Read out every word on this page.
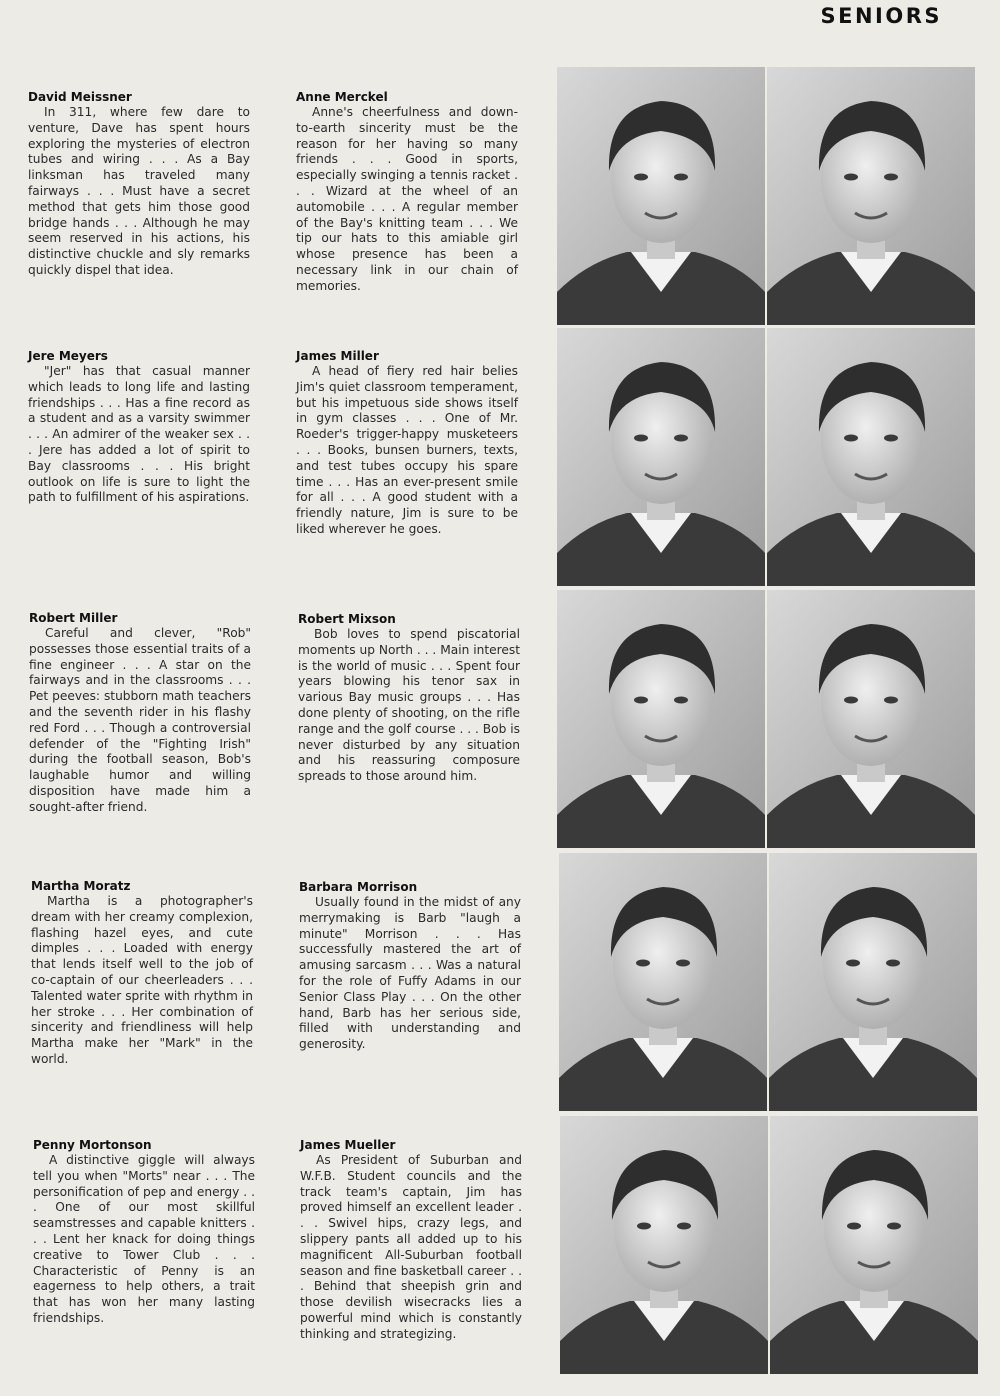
SENIORS

David Meissner

In 311, where few dare to venture, Dave has spent hours exploring the mysteries of electron tubes and wiring . . . As a Bay linksman has traveled many fairways . . . Must have a secret method that gets him those good bridge hands . . . Although he may seem reserved in his actions, his distinctive chuckle and sly remarks quickly dispel that idea.

Anne Merckel

Anne's cheerfulness and down-to-earth sincerity must be the reason for her having so many friends . . . Good in sports, especially swinging a tennis racket . . . Wizard at the wheel of an automobile . . . A regular member of the Bay's knitting team . . . We tip our hats to this amiable girl whose presence has been a necessary link in our chain of memories.

Jere Meyers

"Jer" has that casual manner which leads to long life and lasting friendships . . . Has a fine record as a student and as a varsity swimmer . . . An admirer of the weaker sex . . . Jere has added a lot of spirit to Bay classrooms . . . His bright outlook on life is sure to light the path to fulfillment of his aspirations.

James Miller

A head of fiery red hair belies Jim's quiet classroom temperament, but his impetuous side shows itself in gym classes . . . One of Mr. Roeder's trigger-happy musketeers . . . Books, bunsen burners, texts, and test tubes occupy his spare time . . . Has an ever-present smile for all . . . A good student with a friendly nature, Jim is sure to be liked wherever he goes.

Robert Miller

Careful and clever, "Rob" possesses those essential traits of a fine engineer . . . A star on the fairways and in the classrooms . . . Pet peeves: stubborn math teachers and the seventh rider in his flashy red Ford . . . Though a controversial defender of the "Fighting Irish" during the football season, Bob's laughable humor and willing disposition have made him a sought-after friend.

Robert Mixson

Bob loves to spend piscatorial moments up North . . . Main interest is the world of music . . . Spent four years blowing his tenor sax in various Bay music groups . . . Has done plenty of shooting, on the rifle range and the golf course . . . Bob is never disturbed by any situation and his reassuring composure spreads to those around him.

Martha Moratz

Martha is a photographer's dream with her creamy complexion, flashing hazel eyes, and cute dimples . . . Loaded with energy that lends itself well to the job of co-captain of our cheerleaders . . . Talented water sprite with rhythm in her stroke . . . Her combination of sincerity and friendliness will help Martha make her "Mark" in the world.

Barbara Morrison

Usually found in the midst of any merrymaking is Barb "laugh a minute" Morrison . . . Has successfully mastered the art of amusing sarcasm . . . Was a natural for the role of Fuffy Adams in our Senior Class Play . . . On the other hand, Barb has her serious side, filled with understanding and generosity.

Penny Mortonson

A distinctive giggle will always tell you when "Morts" near . . . The personification of pep and energy . . . One of our most skillful seamstresses and capable knitters . . . Lent her knack for doing things creative to Tower Club . . . Characteristic of Penny is an eagerness to help others, a trait that has won her many lasting friendships.

James Mueller

As President of Suburban and W.F.B. Student councils and the track team's captain, Jim has proved himself an excellent leader . . . Swivel hips, crazy legs, and slippery pants all added up to his magnificent All-Suburban football season and fine basketball career . . . Behind that sheepish grin and those devilish wisecracks lies a powerful mind which is constantly thinking and strategizing.
